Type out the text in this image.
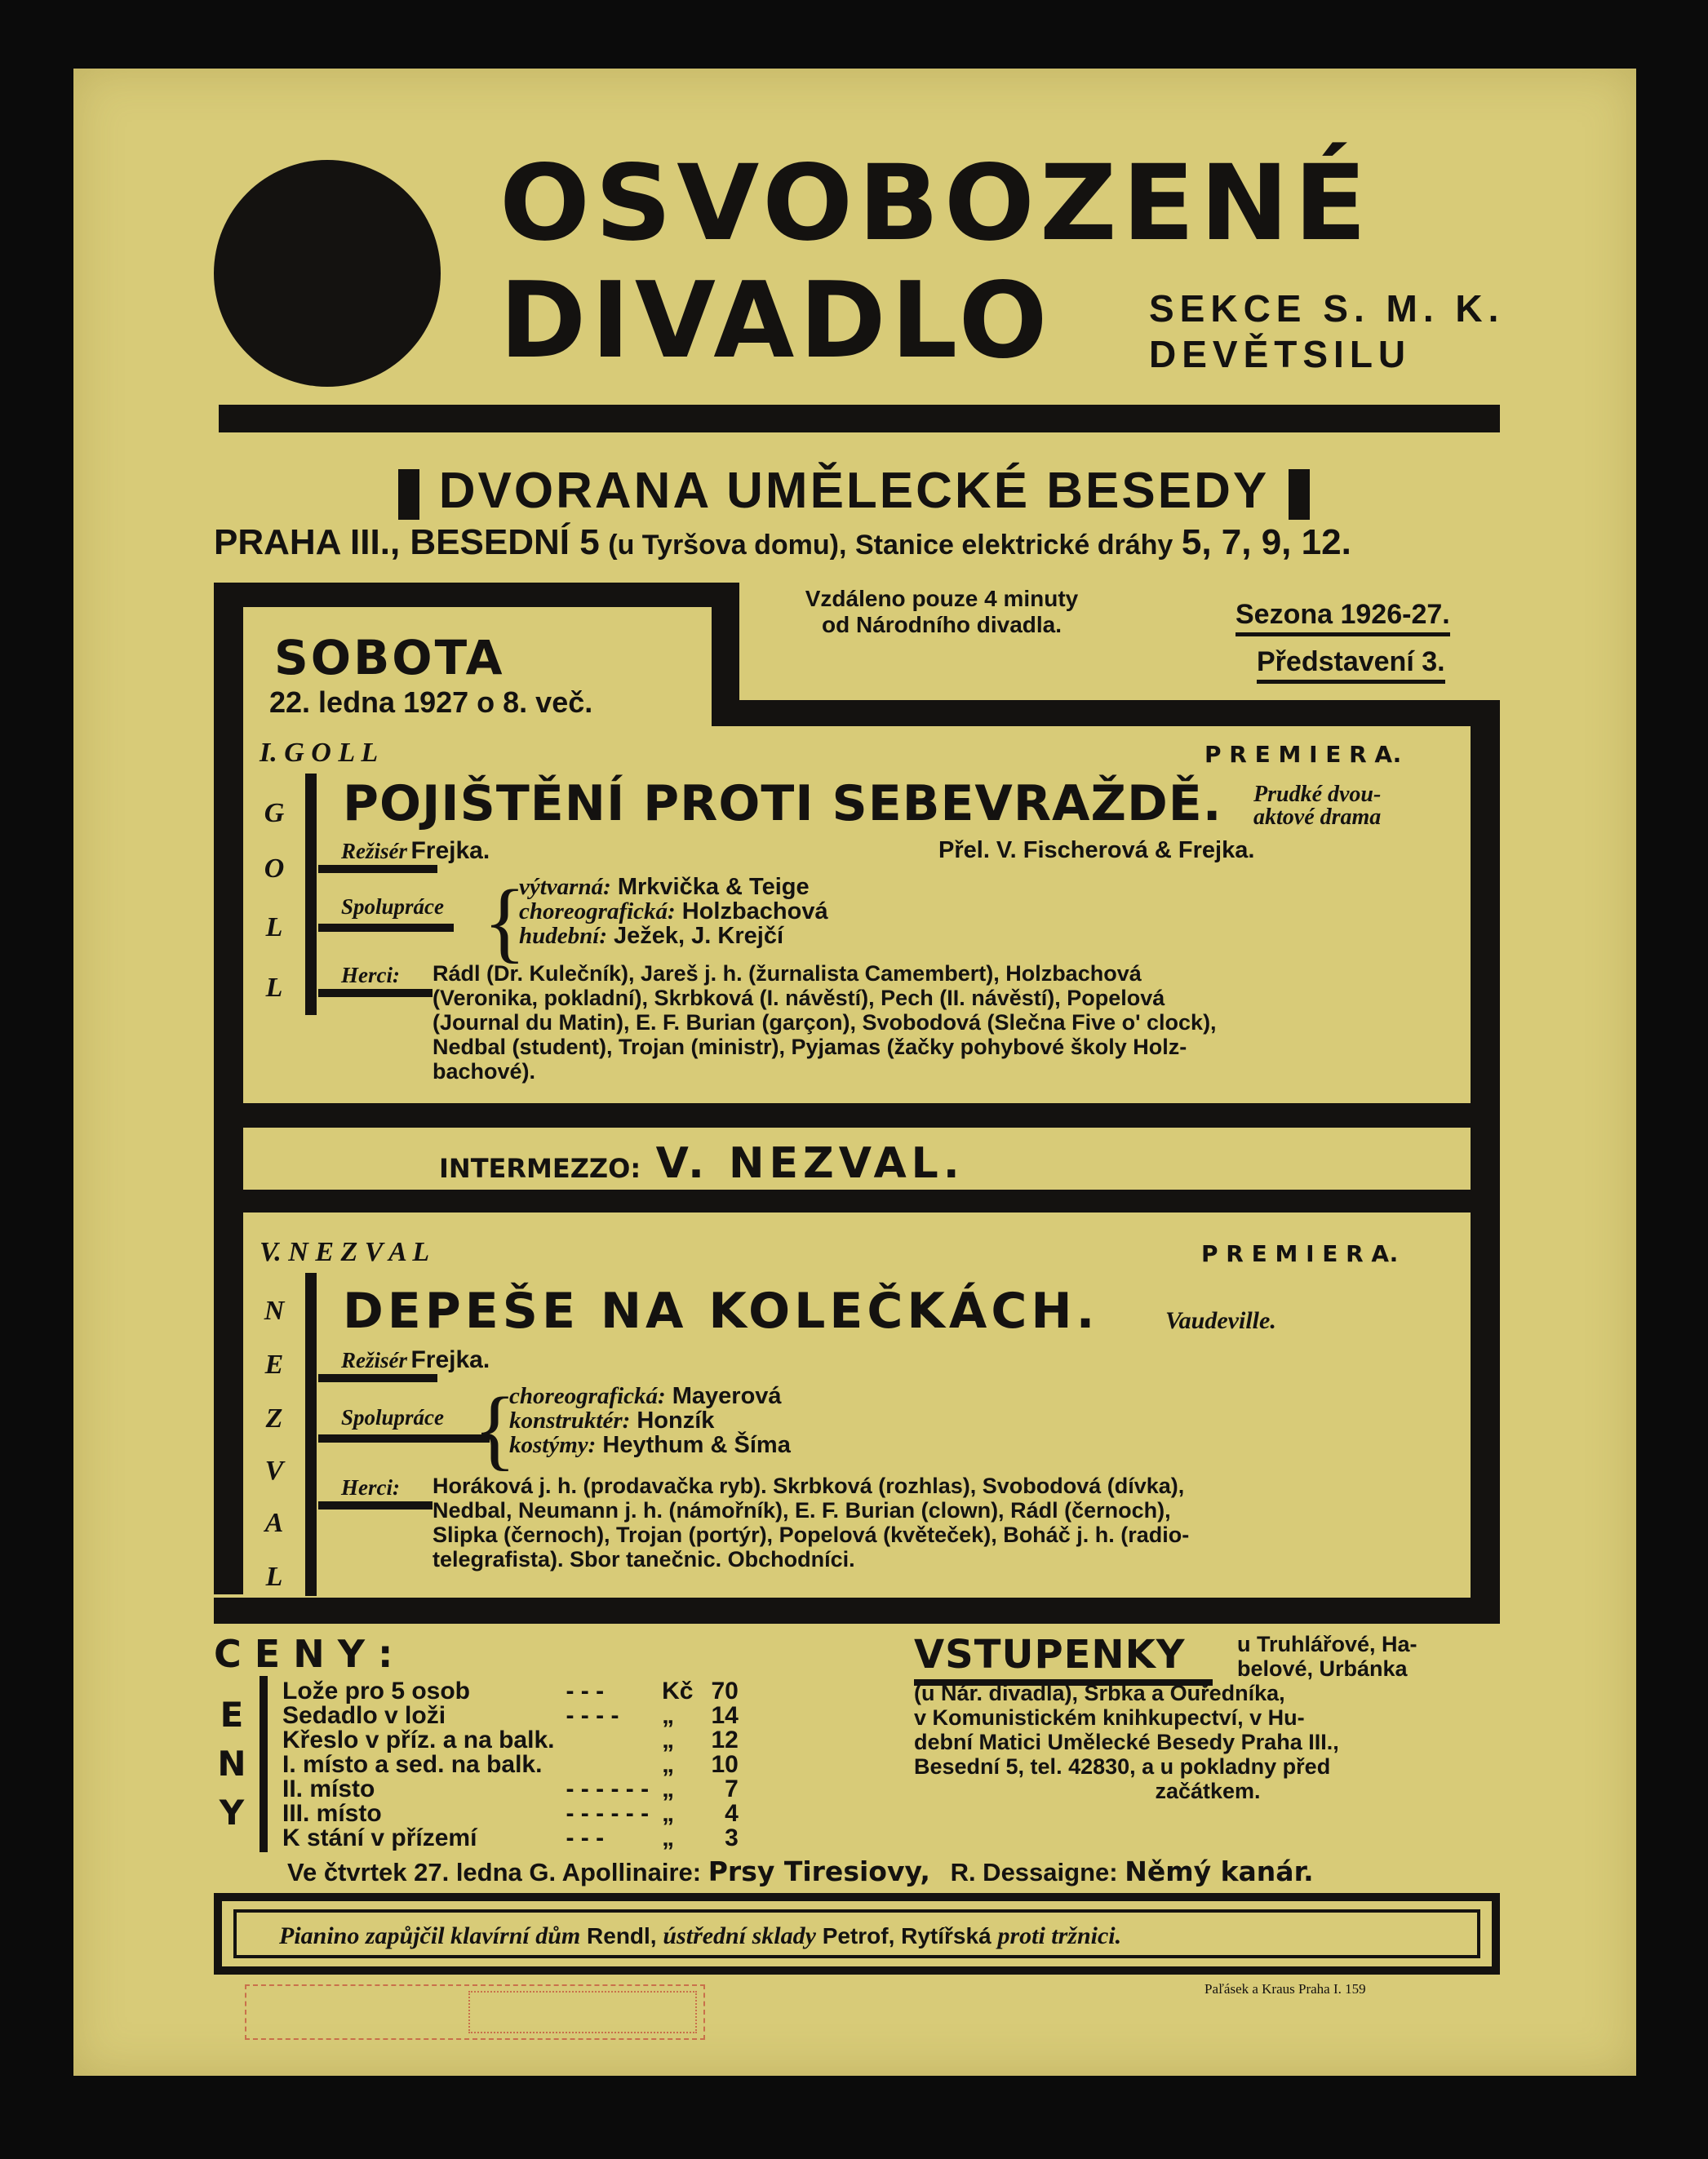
OSVOBOZENÉ
DIVADLO	SEKCE S. M. K.
DEVĚTSILU
DVORANA UMĚLECKÉ BESEDY
PRAHA III., BESEDNÍ 5 (u Tyršova domu), Stanice elektrické dráhy 5, 7, 9, 12.
SOBOTA
22. ledna 1927 o 8. več.
Vzdáleno pouze 4 minuty
od Národního divadla.	Sezona 1926-27.
Představení 3.
I. G O L L	P R E M I E R A.
G
O
L
L
POJIŠTĚNÍ PROTI SEBEVRAŽDĚ. Prudké dvou-
aktové drama
Režisér Frejka.	Přel. V. Fischerová & Frejka.
Spolupráce {
výtvarná: Mrkvička & Teige
choreografická: Holzbachová
hudební: Ježek, J. Krejčí
Herci: Rádl (Dr. Kulečník), Jareš j. h. (žurnalista Camembert), Holzbachová
(Veronika, pokladní), Skrbková (I. návěstí), Pech (II. návěstí), Popelová
(Journal du Matin), E. F. Burian (garçon), Svobodová (Slečna Five o' clock),
Nedbal (student), Trojan (ministr), Pyjamas (žačky pohybové školy Holz-
bachové).
INTERMEZZO: V. NEZVAL.
V. N E Z V A L	P R E M I E R A.
N
E
Z
V
A
L
DEPEŠE NA KOLEČKÁCH.	Vaudeville.
Režisér Frejka.
Spolupráce {
choreografická: Mayerová
konstruktér: Honzík
kostýmy: Heythum & Šíma
Herci: Horáková j. h. (prodavačka ryb). Skrbková (rozhlas), Svobodová (dívka),
Nedbal, Neumann j. h. (námořník), E. F. Burian (clown), Rádl (černoch),
Slipka (černoch), Trojan (portýr), Popelová (květeček), Boháč j. h. (radio-
telegrafista). Sbor tanečnic. Obchodníci.
C E N Y :
E
N
Y
Lože pro 5 osob	- - -	Kč	70
Sedadlo v loži	- - - -	„	14
Křeslo v příz. a na balk.		„	12
I. místo a sed. na balk.		„	10
II. místo	- - - - - -	„	7
III. místo	- - - - - -	„	4
K stání v přízemí	- - -	„	3
VSTUPENKY	u Truhlářové, Ha-
belové, Urbánka
(u Nár. divadla), Šrbka a Ouředníka,
v Komunistickém knihkupectví, v Hu-
dební Matici Umělecké Besedy Praha III.,
Besední 5, tel. 42830, a u pokladny před
začátkem.
Ve čtvrtek 27. ledna G. Apollinaire: Prsy Tiresiovy, R. Dessaigne: Němý kanár.
Pianino zapůjčil klavírní dům Rendl, ústřední sklady Petrof, Rytířská proti tržnici.
Paľásek a Kraus Praha I. 159
